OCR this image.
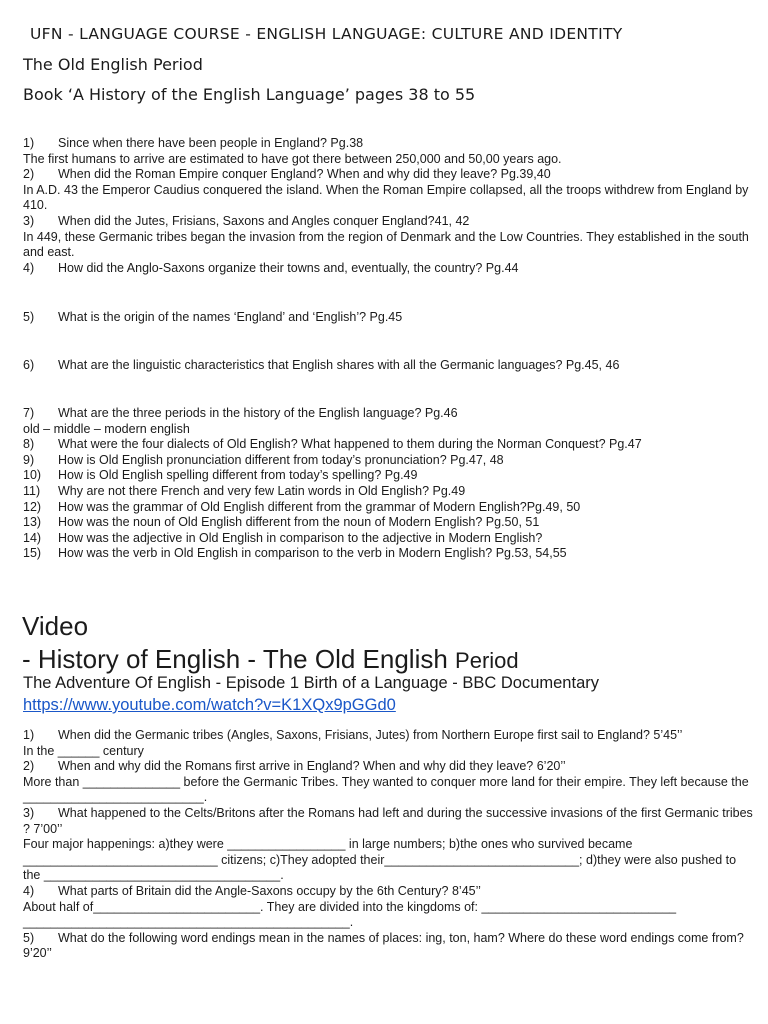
UFN - LANGUAGE COURSE - ENGLISH LANGUAGE: CULTURE AND IDENTITY
The Old English Period
Book ‘A History of the English Language’ pages 38 to 55
1) Since when there have been people in England? Pg.38
The first humans to arrive are estimated to have got there between 250,000 and 50,00 years ago.
2) When did the Roman Empire conquer England? When and why did they leave? Pg.39,40
In A.D. 43 the Emperor Caudius conquered the island. When the Roman Empire collapsed, all the troops withdrew from England by 410.
3) When did the Jutes, Frisians, Saxons and Angles conquer England?41, 42
In 449, these Germanic tribes began the invasion from the region of Denmark and the Low Countries. They established in the south and east.
4) How did the Anglo-Saxons organize their towns and, eventually, the country? Pg.44
5) What is the origin of the names ‘England’ and ‘English’? Pg.45
6) What are the linguistic characteristics that English shares with all the Germanic languages? Pg.45, 46
7) What are the three periods in the history of the English language? Pg.46
old – middle – modern english
8) What were the four dialects of Old English? What happened to them during the Norman Conquest? Pg.47
9) How is Old English pronunciation different from today’s pronunciation? Pg.47, 48
10) How is Old English spelling different from today’s spelling? Pg.49
11) Why are not there French and very few Latin words in Old English? Pg.49
12) How was the grammar of Old English different from the grammar of Modern English?Pg.49, 50
13) How was the noun of Old English different from the noun of Modern English? Pg.50, 51
14) How was the adjective in Old English in comparison to the adjective in Modern English?
15) How was the verb in Old English in comparison to the verb in Modern English? Pg.53, 54,55
Video
- History of English - The Old English Period
The Adventure Of English - Episode 1 Birth of a Language - BBC Documentary
https://www.youtube.com/watch?v=K1XQx9pGGd0
1) When did the Germanic tribes (Angles, Saxons, Frisians, Jutes) from Northern Europe first sail to England? 5’45’’
In the ______ century
2) When and why did the Romans first arrive in England? When and why did they leave? 6’20’’
More than ______________ before the Germanic Tribes. They wanted to conquer more land for their empire. They left because the __________________________.
3) What happened to the Celts/Britons after the Romans had left and during the successive invasions of the first Germanic tribes ? 7’00’’
Four major happenings: a)they were _________________ in large numbers; b)the ones who survived became ____________________________ citizens; c)They adopted their____________________________; d)they were also pushed to the __________________________________.
4) What parts of Britain did the Angle-Saxons occupy by the 6th Century? 8’45’’
About half of________________________. They are divided into the kingdoms of: ____________________________ _______________________________________________.
5) What do the following word endings mean in the names of places: ing, ton, ham? Where do these word endings come from? 9’20’’
